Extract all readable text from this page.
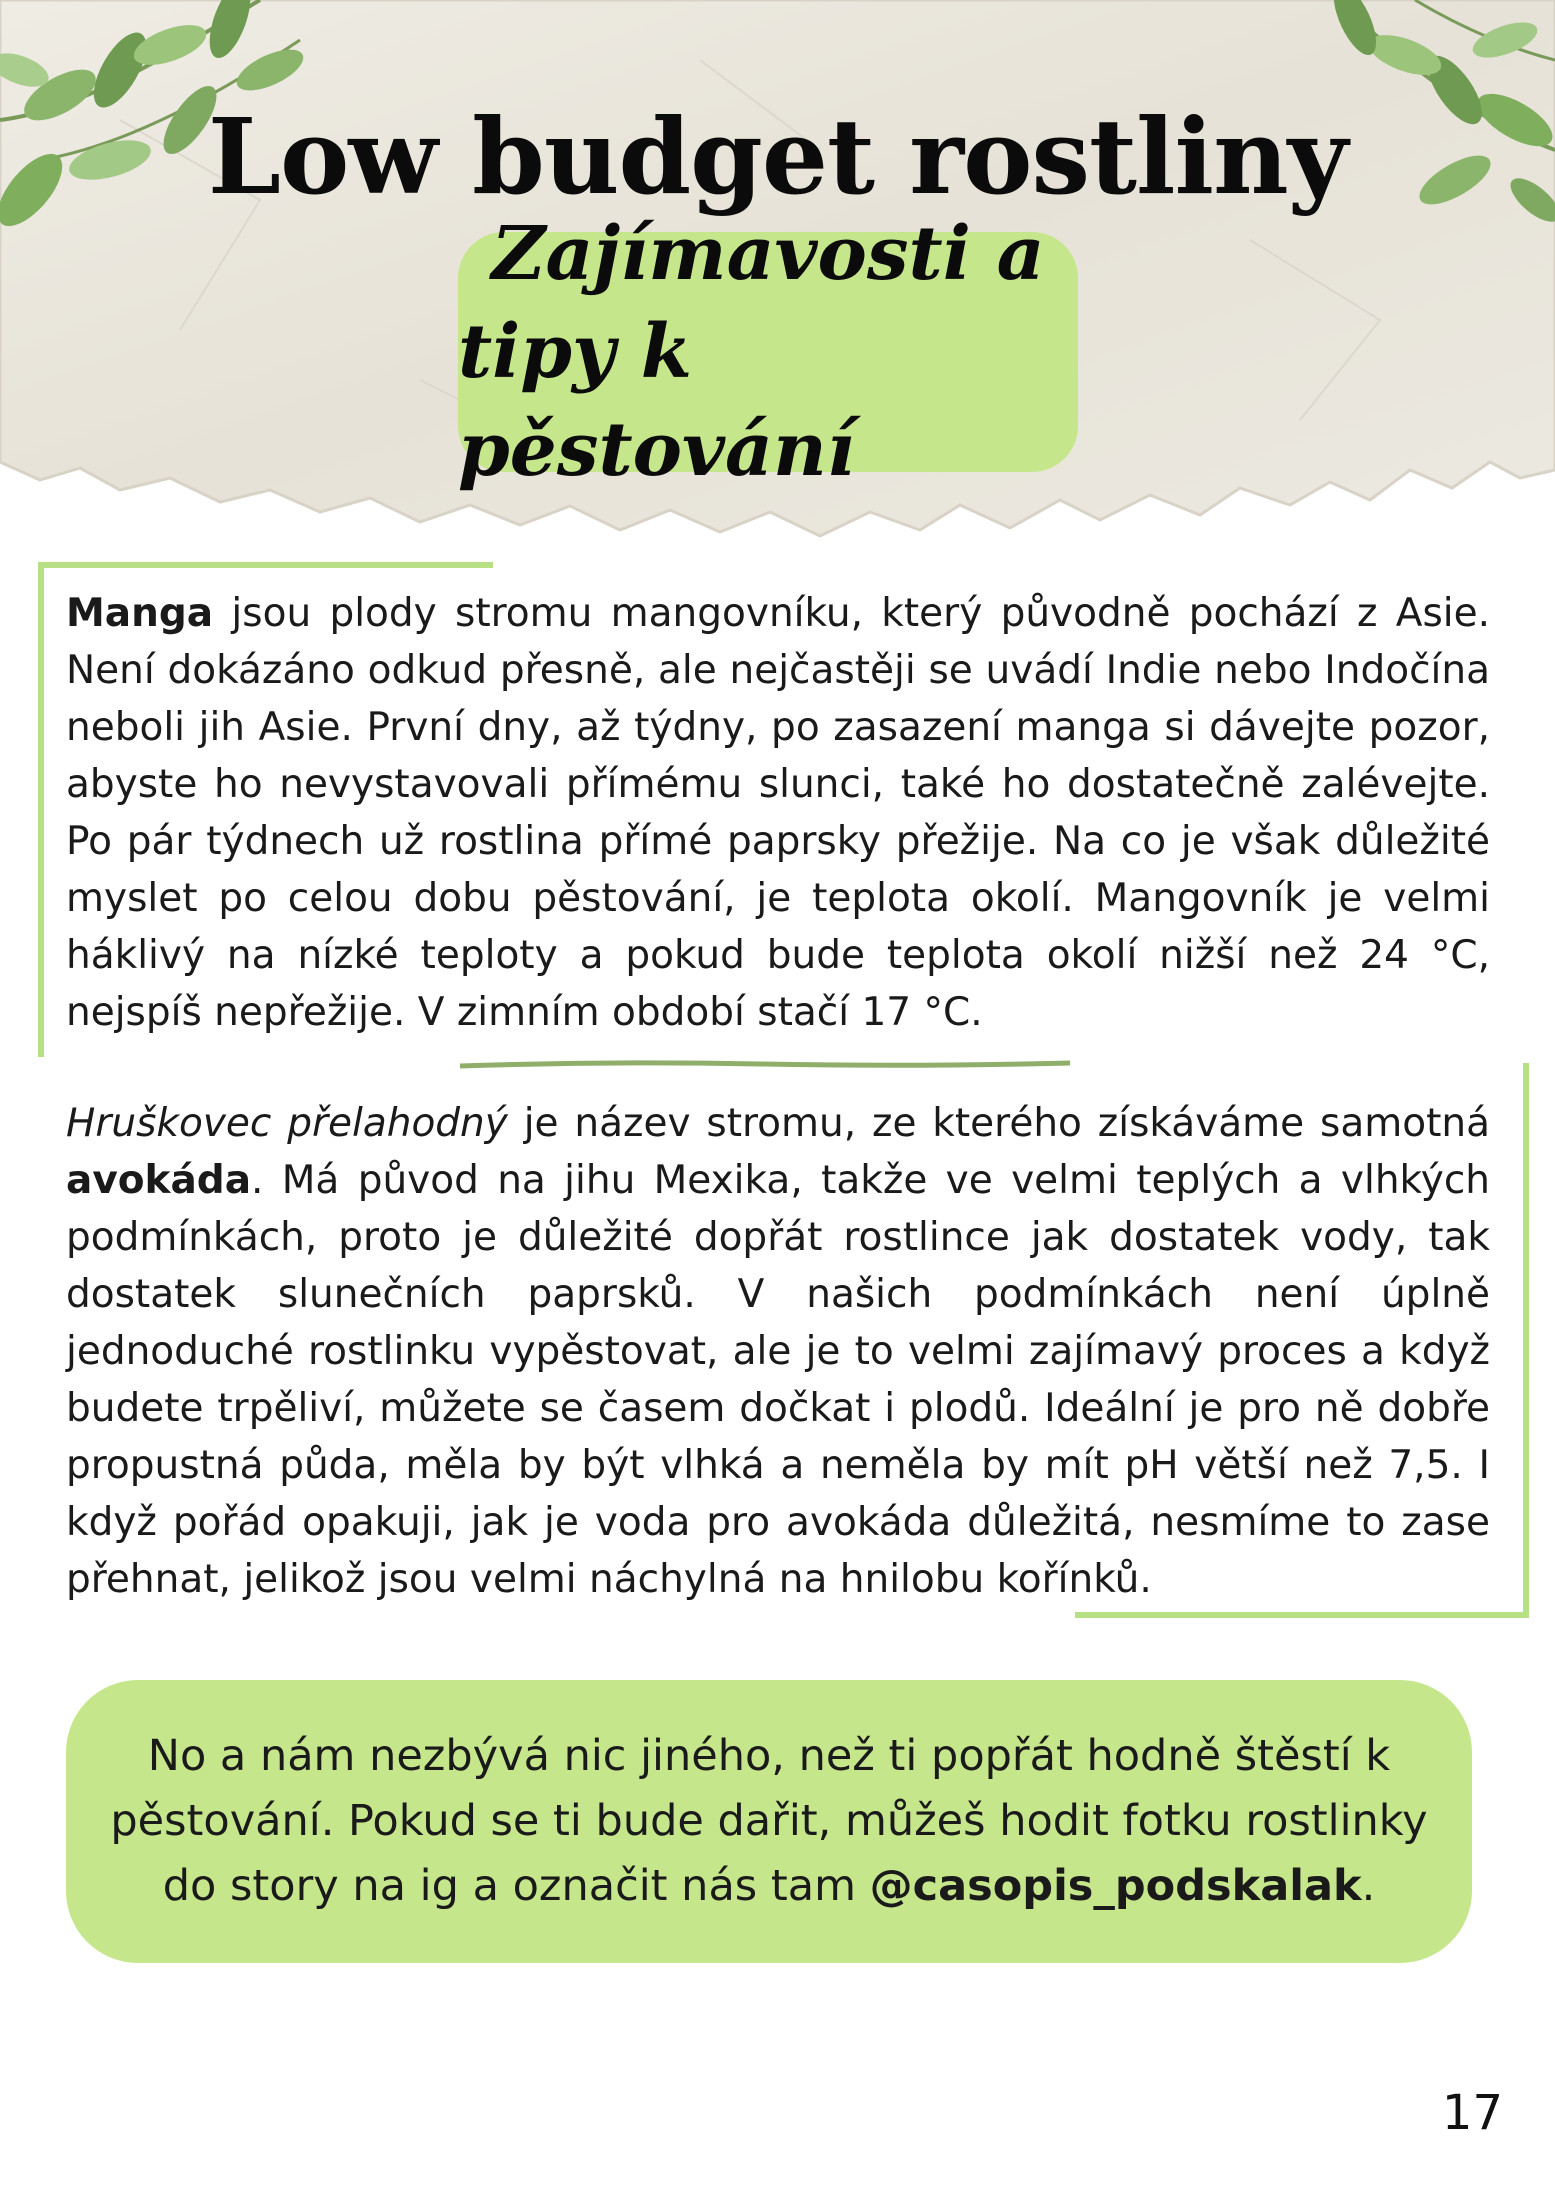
Low budget rostliny
Zajímavosti a
tipy k pěstování

Manga jsou plody stromu mangovníku, který původně pochází z Asie. Není dokázáno odkud přesně, ale nejčastěji se uvádí Indie nebo Indočína neboli jih Asie. První dny, až týdny, po zasazení manga si dávejte pozor, abyste ho nevystavovali přímému slunci, také ho dostatečně zalévejte. Po pár týdnech už rostlina přímé paprsky přežije. Na co je však důležité myslet po celou dobu pěstování, je teplota okolí. Mangovník je velmi háklivý na nízké teploty a pokud bude teplota okolí nižší než 24 °C, nejspíš nepřežije. V zimním období stačí 17 °C.

Hruškovec přelahodný je název stromu, ze kterého získáváme samotná avokáda. Má původ na jihu Mexika, takže ve velmi teplých a vlhkých podmínkách, proto je důležité dopřát rostlince jak dostatek vody, tak dostatek slunečních paprsků. V našich podmínkách není úplně jednoduché rostlinku vypěstovat, ale je to velmi zajímavý proces a když budete trpěliví, můžete se časem dočkat i plodů. Ideální je pro ně dobře propustná půda, měla by být vlhká a neměla by mít pH větší než 7,5. I když pořád opakuji, jak je voda pro avokáda důležitá, nesmíme to zase přehnat, jelikož jsou velmi náchylná na hnilobu kořínků.

No a nám nezbývá nic jiného, než ti popřát hodně štěstí k pěstování. Pokud se ti bude dařit, můžeš hodit fotku rostlinky do story na ig a označit nás tam @casopis_podskalak.

17
